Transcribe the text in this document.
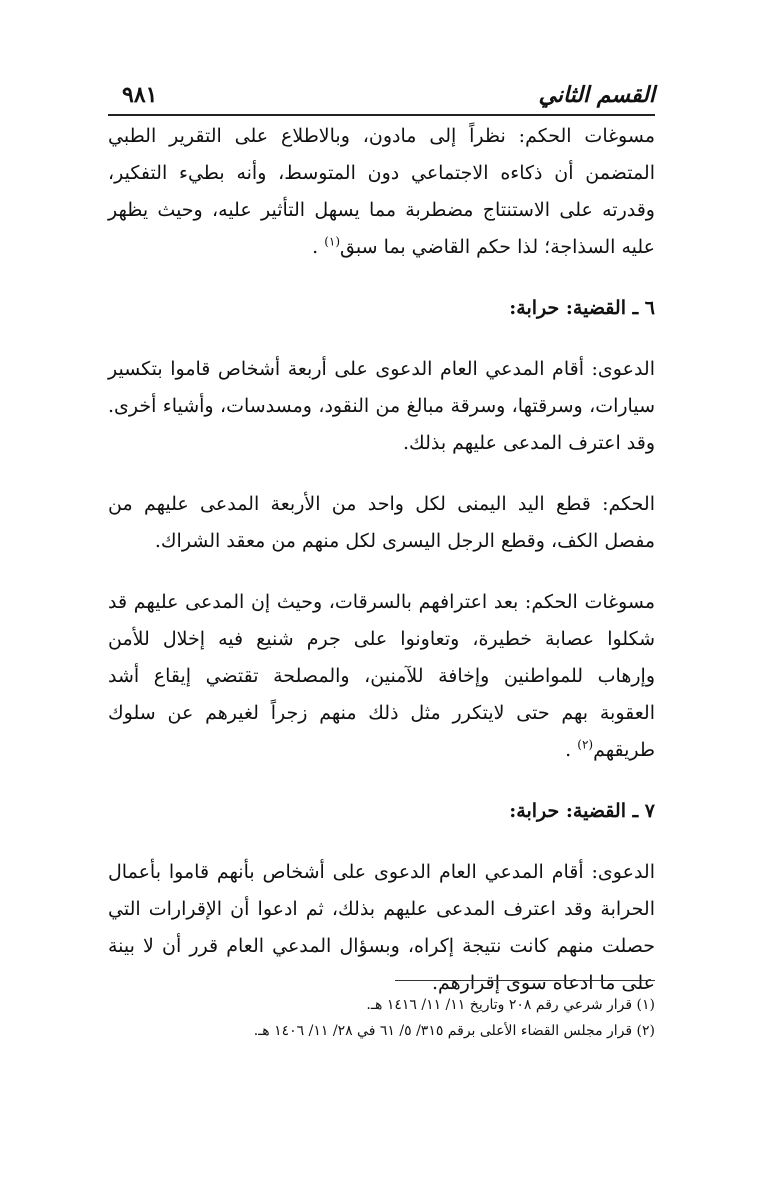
القسم الثاني
٩٨١

مسوغات الحكم: نظراً إلى مادون، وبالاطلاع على التقرير الطبي المتضمن أن ذكاءه الاجتماعي دون المتوسط، وأنه بطيء التفكير، وقدرته على الاستنتاج مضطربة مما يسهل التأثير عليه، وحيث يظهر عليه السذاجة؛ لذا حكم القاضي بما سبق$^{(١)}$ .

٦ ـ القضية: حرابة:

الدعوى: أقام المدعي العام الدعوى على أربعة أشخاص قاموا بتكسير سيارات، وسرقتها، وسرقة مبالغ من النقود، ومسدسات، وأشياء أخرى. وقد اعترف المدعى عليهم بذلك.

الحكم: قطع اليد اليمنى لكل واحد من الأربعة المدعى عليهم من مفصل الكف، وقطع الرجل اليسرى لكل منهم من معقد الشراك.

مسوغات الحكم: بعد اعترافهم بالسرقات، وحيث إن المدعى عليهم قد شكلوا عصابة خطيرة، وتعاونوا على جرم شنيع فيه إخلال للأمن وإرهاب للمواطنين وإخافة للآمنين، والمصلحة تقتضي إيقاع أشد العقوبة بهم حتى لايتكرر مثل ذلك منهم زجراً لغيرهم عن سلوك طريقهم$^{(٢)}$ .

٧ ـ القضية: حرابة:

الدعوى: أقام المدعي العام الدعوى على أشخاص بأنهم قاموا بأعمال الحرابة وقد اعترف المدعى عليهم بذلك، ثم ادعوا أن الإقرارات التي حصلت منهم كانت نتيجة إكراه، وبسؤال المدعي العام قرر أن لا بينة على ما ادعاه سوى إقرارهم.

(١) قرار شرعي رقم ٢٠٨ وتاريخ ١١/ ١١/ ١٤١٦ هـ.

(٢) قرار مجلس القضاء الأعلى برقم ٣١٥/ ٥/ ٦١ في ٢٨/ ١١/ ١٤٠٦ هـ.
